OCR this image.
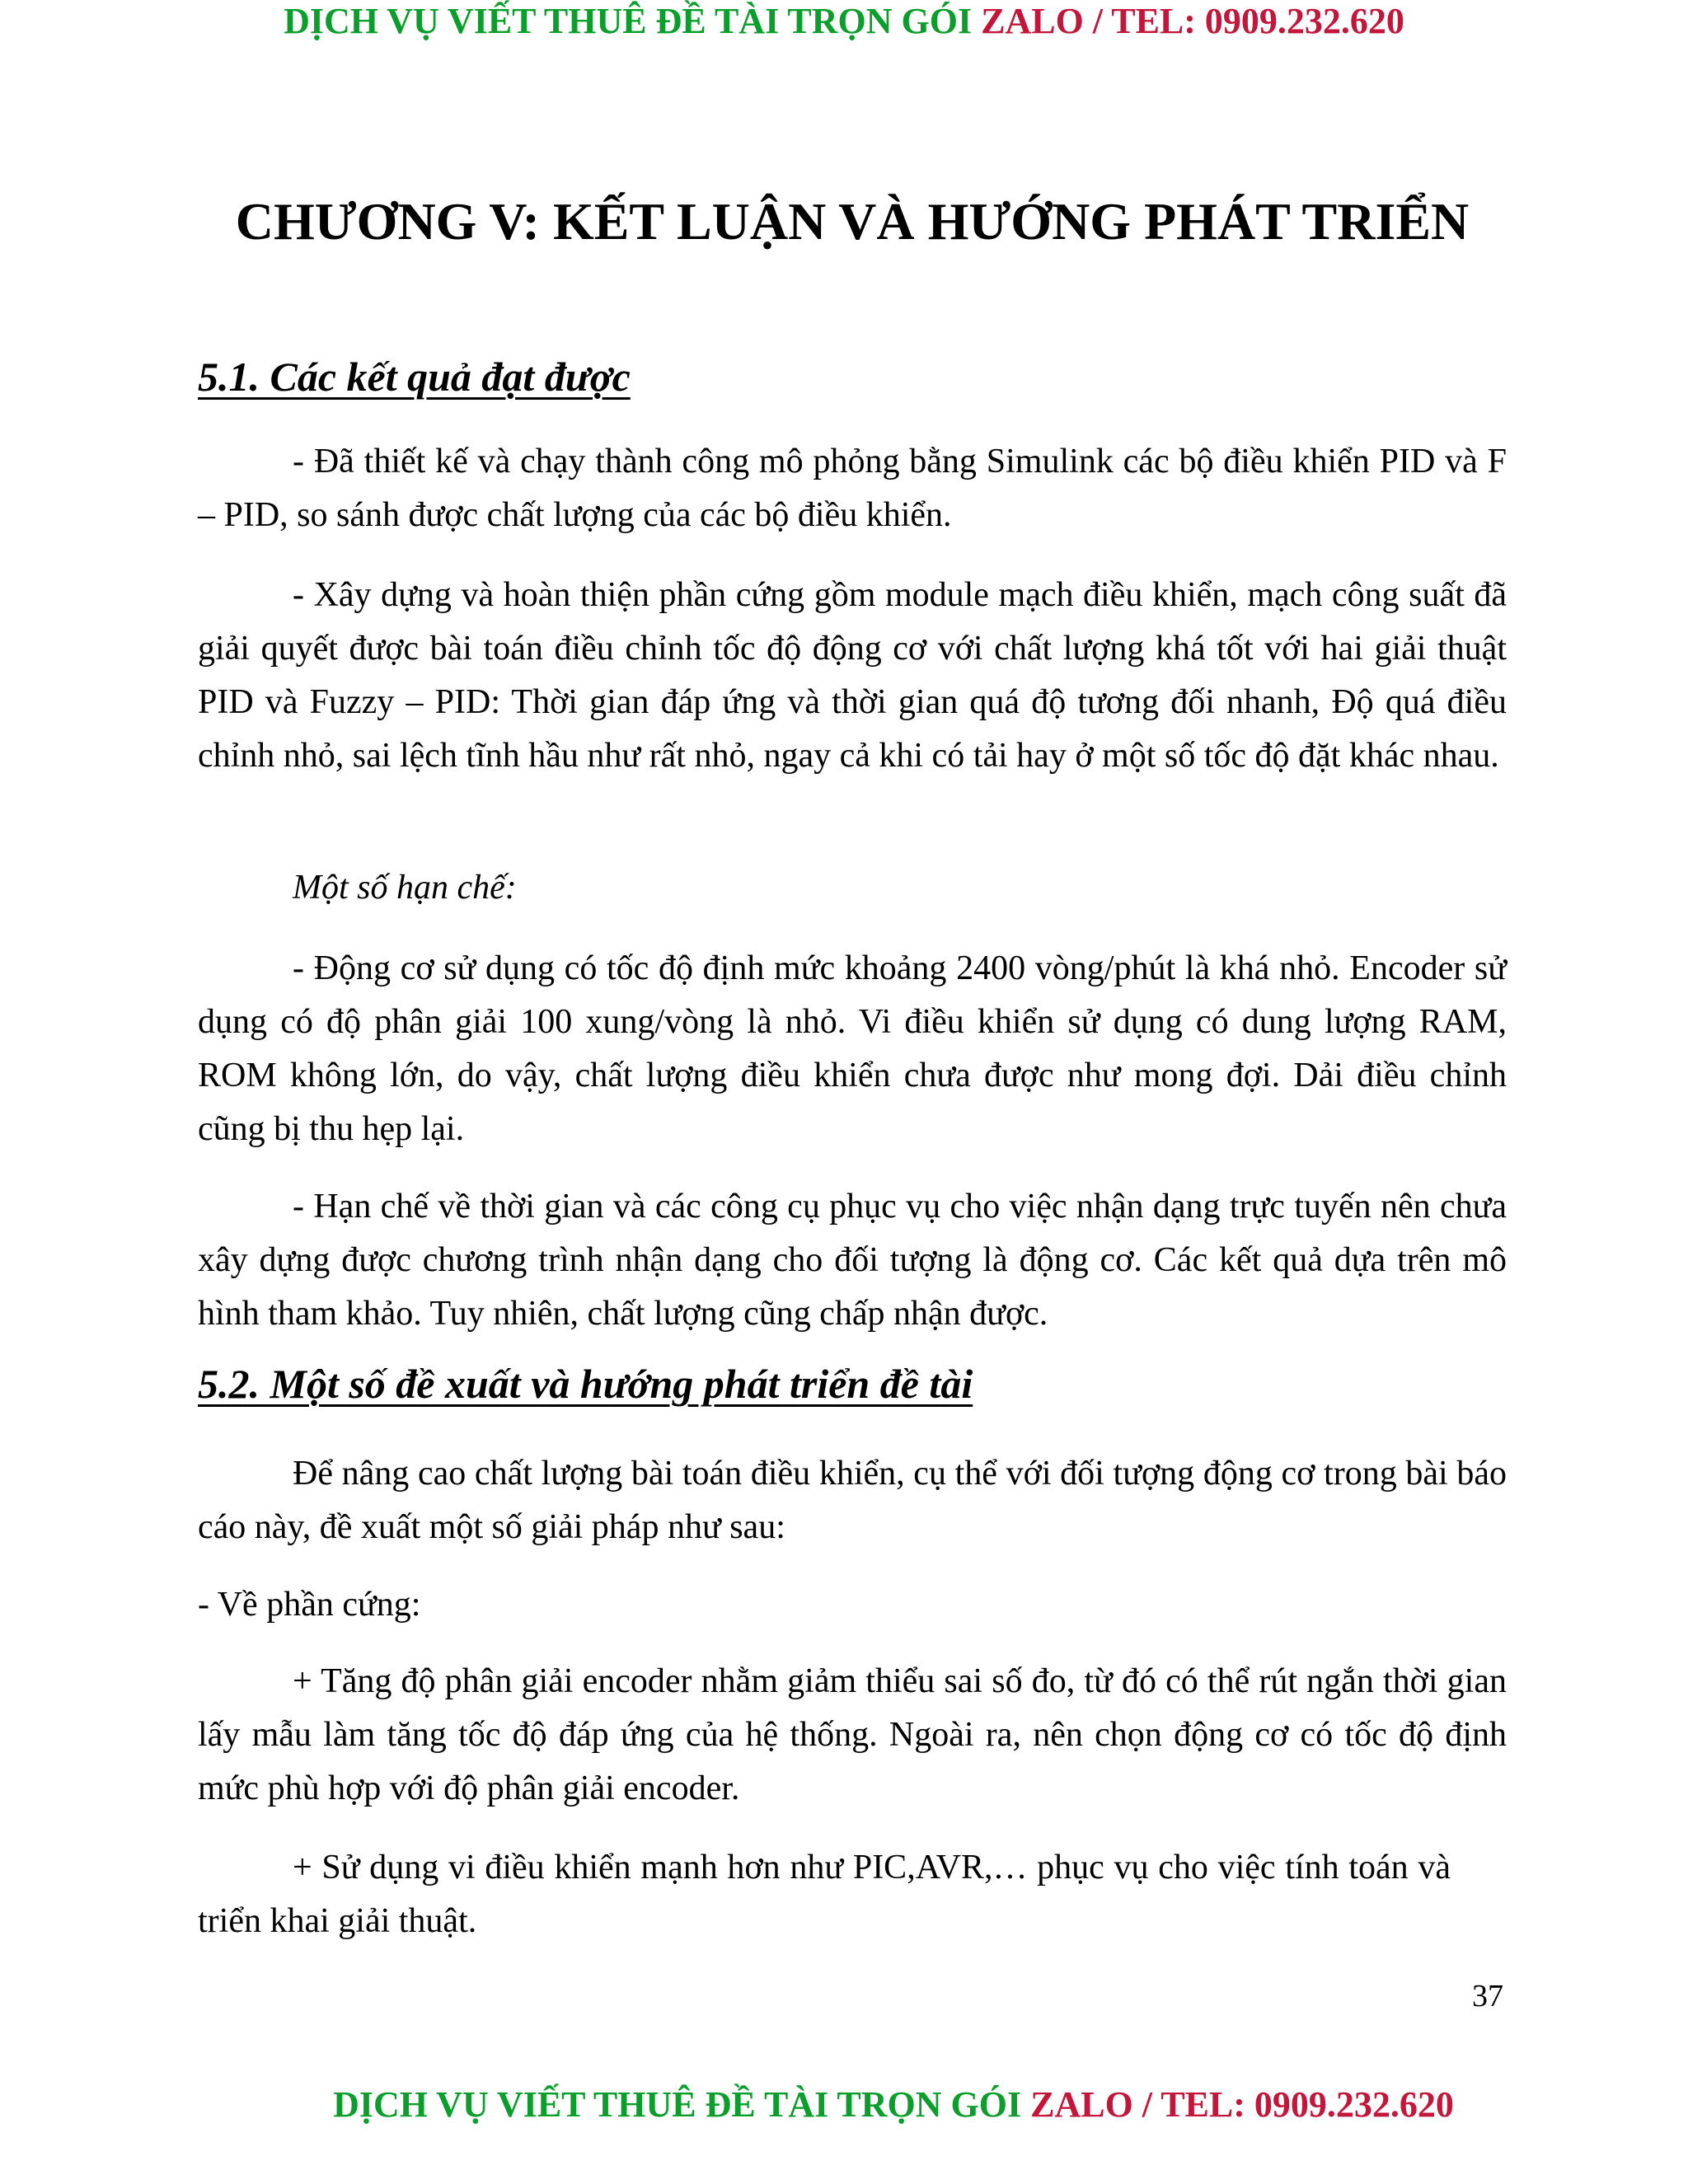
DỊCH VỤ VIẾT THUÊ ĐỀ TÀI TRỌN GÓI ZALO / TEL: 0909.232.620
CHƯƠNG V: KẾT LUẬN VÀ HƯỚNG PHÁT TRIỂN
5.1. Các kết quả đạt được
- Đã thiết kế và chạy thành công mô phỏng bằng Simulink các bộ điều khiển PID và F – PID, so sánh được chất lượng của các bộ điều khiển.
- Xây dựng và hoàn thiện phần cứng gồm module mạch điều khiển, mạch công suất đã giải quyết được bài toán điều chỉnh tốc độ động cơ với chất lượng khá tốt với hai giải thuật PID và Fuzzy – PID: Thời gian đáp ứng và thời gian quá độ tương đối nhanh, Độ quá điều chỉnh nhỏ, sai lệch tĩnh hầu như rất nhỏ, ngay cả khi có tải hay ở một số tốc độ đặt khác nhau.
Một số hạn chế:
- Động cơ sử dụng có tốc độ định mức khoảng 2400 vòng/phút là khá nhỏ. Encoder sử dụng có độ phân giải 100 xung/vòng là nhỏ. Vi điều khiển sử dụng có dung lượng RAM, ROM không lớn, do vậy, chất lượng điều khiển chưa được như mong đợi. Dải điều chỉnh cũng bị thu hẹp lại.
- Hạn chế về thời gian và các công cụ phục vụ cho việc nhận dạng trực tuyến nên chưa xây dựng được chương trình nhận dạng cho đối tượng là động cơ. Các kết quả dựa trên mô hình tham khảo. Tuy nhiên, chất lượng cũng chấp nhận được.
5.2. Một số đề xuất và hướng phát triển đề tài
Để nâng cao chất lượng bài toán điều khiển, cụ thể với đối tượng động cơ trong bài báo cáo này, đề xuất một số giải pháp như sau:
- Về phần cứng:
+ Tăng độ phân giải encoder nhằm giảm thiểu sai số đo, từ đó có thể rút ngắn thời gian lấy mẫu làm tăng tốc độ đáp ứng của hệ thống. Ngoài ra, nên chọn động cơ có tốc độ định mức phù hợp với độ phân giải encoder.
+ Sử dụng vi điều khiển mạnh hơn như PIC,AVR,… phục vụ cho việc tính toán và triển khai giải thuật.
37
DỊCH VỤ VIẾT THUÊ ĐỀ TÀI TRỌN GÓI ZALO / TEL: 0909.232.620
